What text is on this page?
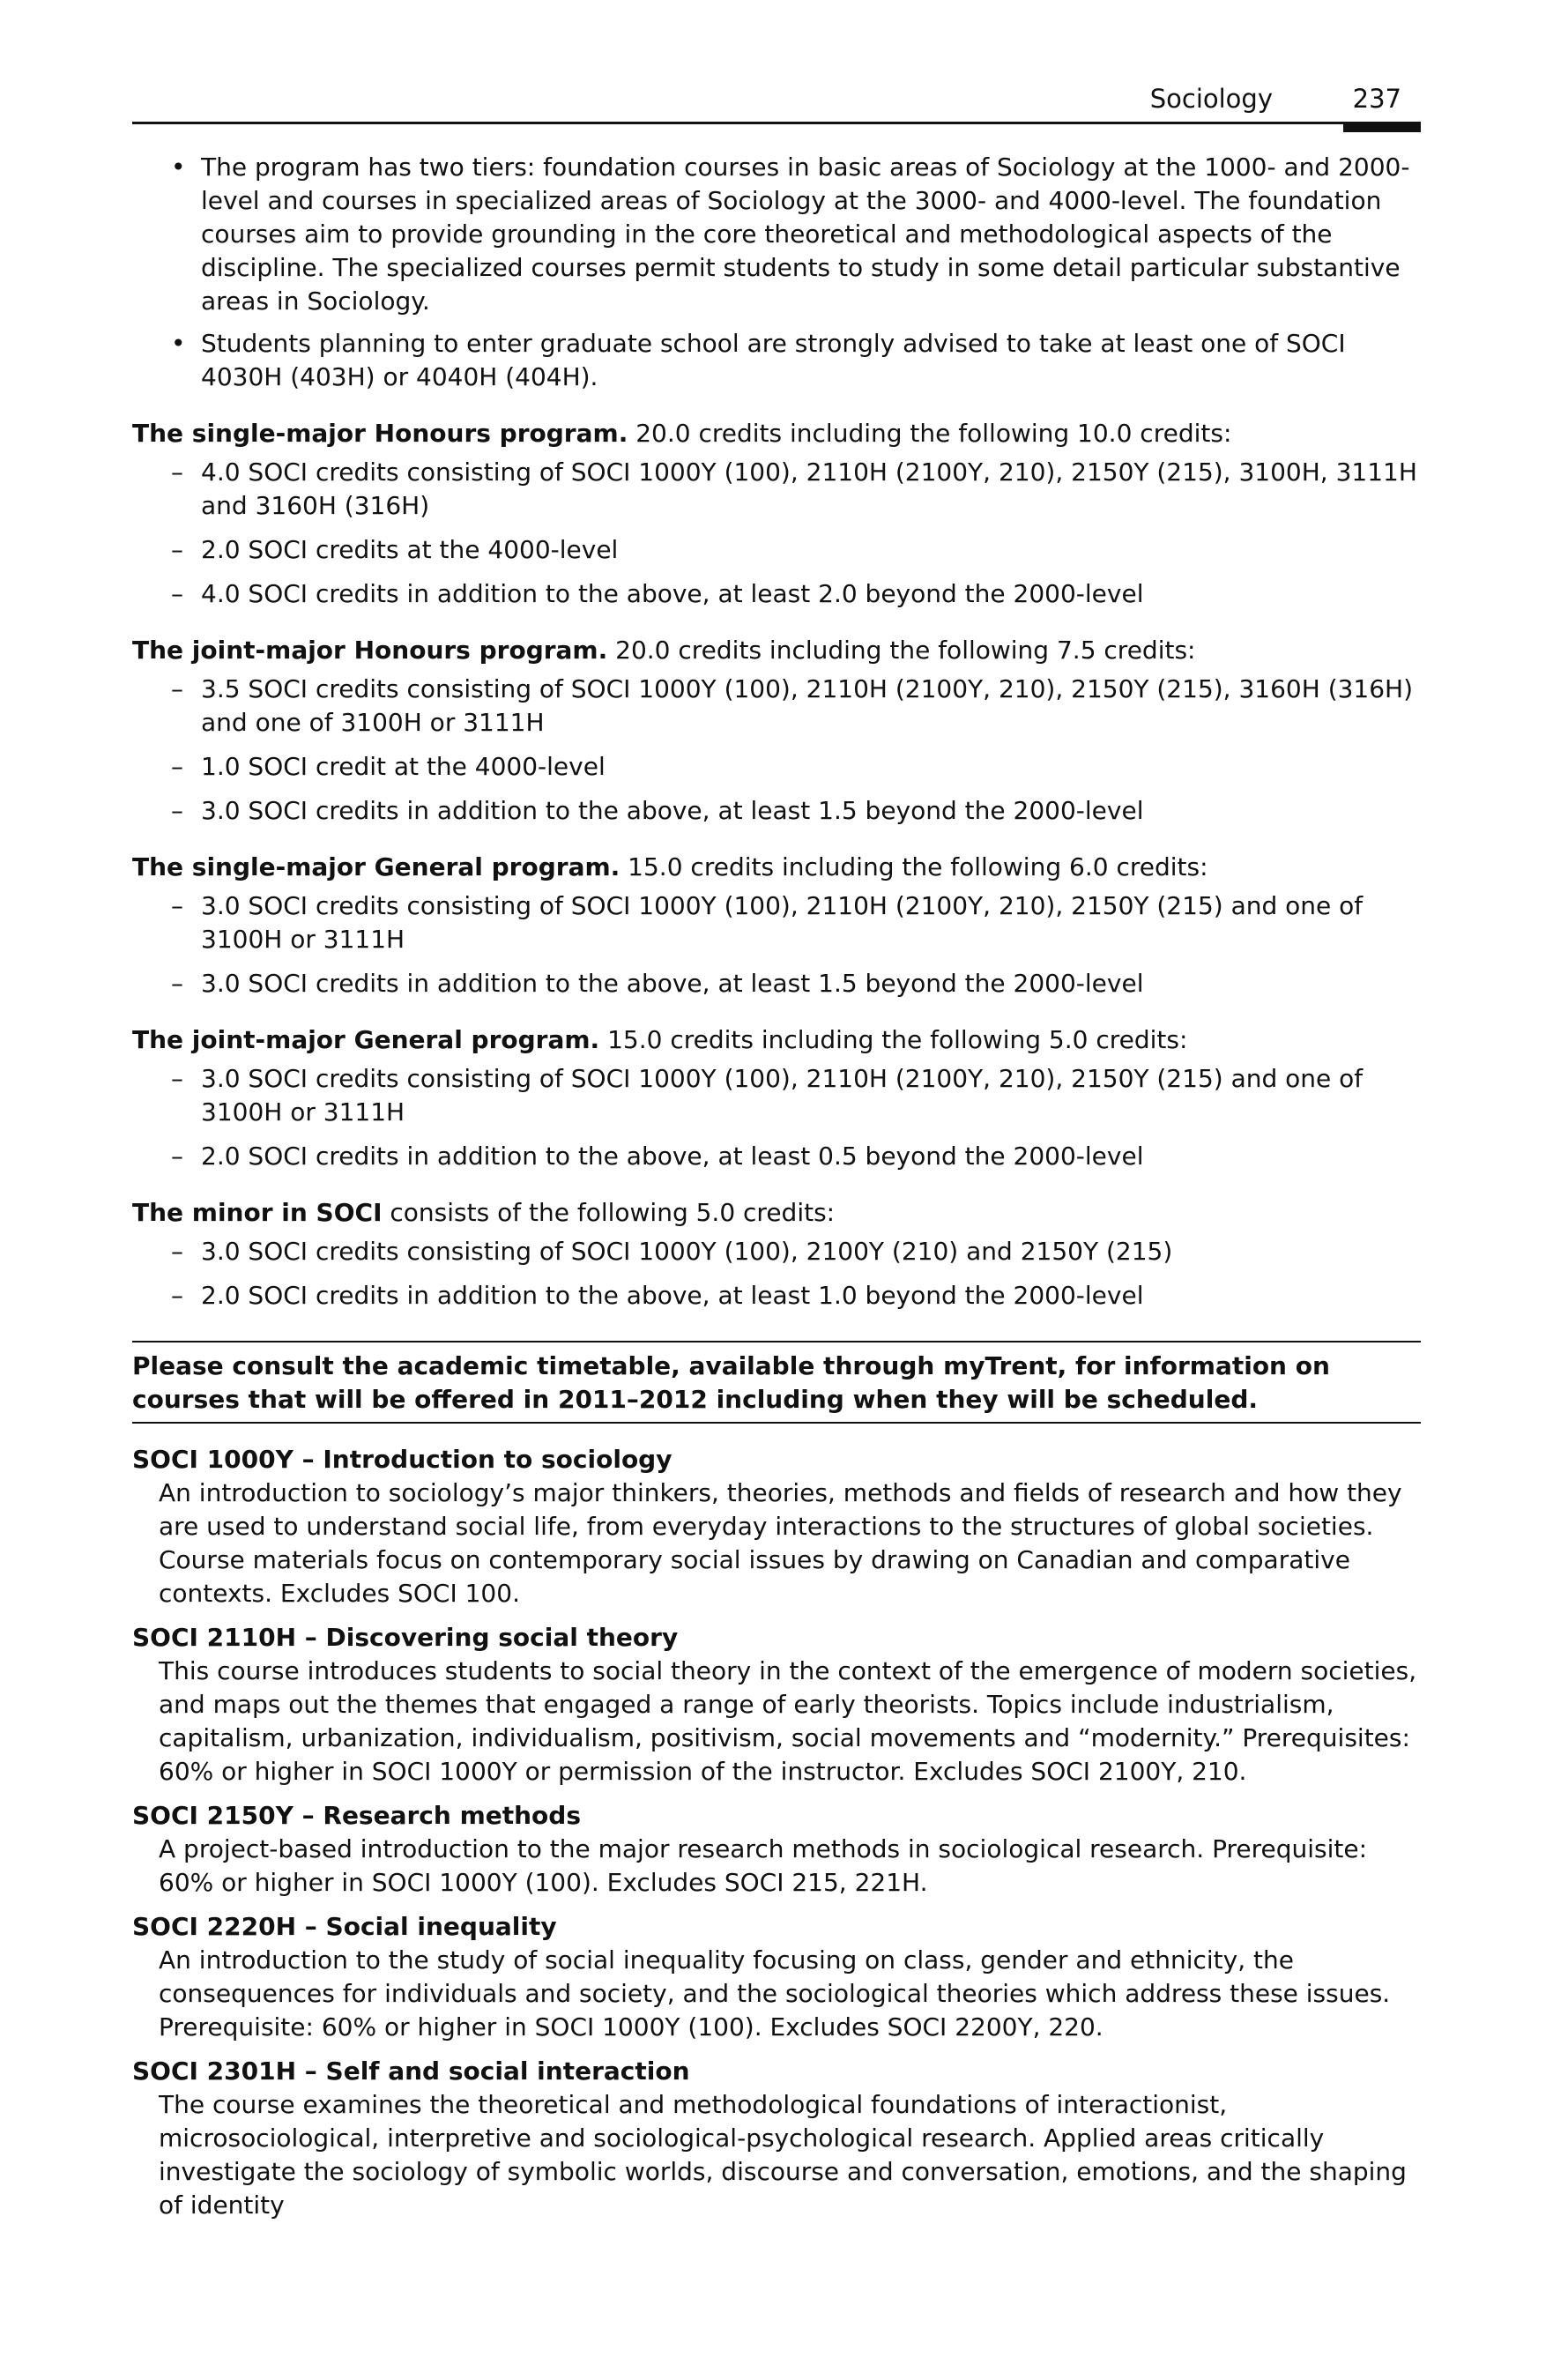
Sociology	237
• The program has two tiers: foundation courses in basic areas of Sociology at the 1000- and 2000-level and courses in specialized areas of Sociology at the 3000- and 4000-level. The foundation courses aim to provide grounding in the core theoretical and methodological aspects of the discipline. The specialized courses permit students to study in some detail particular substantive areas in Sociology.
• Students planning to enter graduate school are strongly advised to take at least one of SOCI 4030H (403H) or 4040H (404H).

The single-major Honours program. 20.0 credits including the following 10.0 credits:

– 4.0 SOCI credits consisting of SOCI 1000Y (100), 2110H (2100Y, 210), 2150Y (215), 3100H, 3111H and 3160H (316H)
– 2.0 SOCI credits at the 4000-level
– 4.0 SOCI credits in addition to the above, at least 2.0 beyond the 2000-level

The joint-major Honours program. 20.0 credits including the following 7.5 credits:

– 3.5 SOCI credits consisting of SOCI 1000Y (100), 2110H (2100Y, 210), 2150Y (215), 3160H (316H) and one of 3100H or 3111H
– 1.0 SOCI credit at the 4000-level
– 3.0 SOCI credits in addition to the above, at least 1.5 beyond the 2000-level

The single-major General program. 15.0 credits including the following 6.0 credits:

– 3.0 SOCI credits consisting of SOCI 1000Y (100), 2110H (2100Y, 210), 2150Y (215) and one of 3100H or 3111H
– 3.0 SOCI credits in addition to the above, at least 1.5 beyond the 2000-level

The joint-major General program. 15.0 credits including the following 5.0 credits:

– 3.0 SOCI credits consisting of SOCI 1000Y (100), 2110H (2100Y, 210), 2150Y (215) and one of 3100H or 3111H
– 2.0 SOCI credits in addition to the above, at least 0.5 beyond the 2000-level

The minor in SOCI consists of the following 5.0 credits:

– 3.0 SOCI credits consisting of SOCI 1000Y (100), 2100Y (210) and 2150Y (215)
– 2.0 SOCI credits in addition to the above, at least 1.0 beyond the 2000-level
Please consult the academic timetable, available through myTrent, for information on courses that will be offered in 2011–2012 including when they will be scheduled.

SOCI 1000Y – Introduction to sociology

An introduction to sociology’s major thinkers, theories, methods and fields of research and how they are used to understand social life, from everyday interactions to the structures of global societies. Course materials focus on contemporary social issues by drawing on Canadian and comparative contexts. Excludes SOCI 100.

SOCI 2110H – Discovering social theory

This course introduces students to social theory in the context of the emergence of modern societies, and maps out the themes that engaged a range of early theorists. Topics include industrialism, capitalism, urbanization, individualism, positivism, social movements and “modernity.” Prerequisites: 60% or higher in SOCI 1000Y or permission of the instructor. Excludes SOCI 2100Y, 210.

SOCI 2150Y – Research methods

A project-based introduction to the major research methods in sociological research. Prerequisite: 60% or higher in SOCI 1000Y (100). Excludes SOCI 215, 221H.

SOCI 2220H – Social inequality

An introduction to the study of social inequality focusing on class, gender and ethnicity, the consequences for individuals and society, and the sociological theories which address these issues. Prerequisite: 60% or higher in SOCI 1000Y (100). Excludes SOCI 2200Y, 220.

SOCI 2301H – Self and social interaction

The course examines the theoretical and methodological foundations of interactionist, microsociological, interpretive and sociological-psychological research. Applied areas critically investigate the sociology of symbolic worlds, discourse and conversation, emotions, and the shaping of identity
